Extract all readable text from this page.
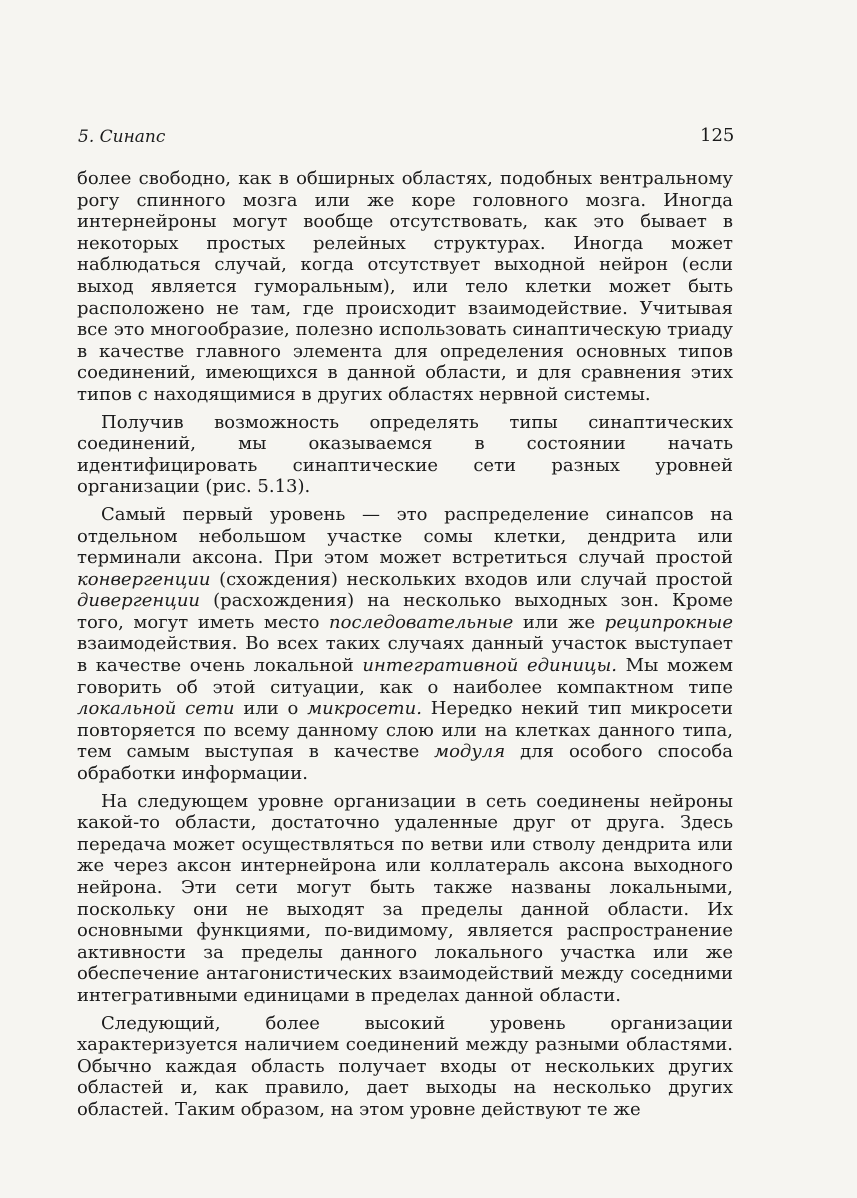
5. Синапс	125

более свободно, как в обширных областях, подобных вентральному рогу спинного мозга или же коре головного мозга. Иногда интернейроны могут вообще отсутствовать, как это бывает в некоторых простых релейных структурах. Иногда может наблюдаться случай, когда отсутствует выходной нейрон (если выход является гуморальным), или тело клетки может быть расположено не там, где происходит взаимодействие. Учитывая все это многообразие, полезно использовать синаптическую триаду в качестве главного элемента для определения основных типов соединений, имеющихся в данной области, и для сравнения этих типов с находящимися в других областях нервной системы.

Получив возможность определять типы синаптических соединений, мы оказываемся в состоянии начать идентифицировать синаптические сети разных уровней организации (рис. 5.13).

Самый первый уровень — это распределение синапсов на отдельном небольшом участке сомы клетки, дендрита или терминали аксона. При этом может встретиться случай простой конвергенции (схождения) нескольких входов или случай простой дивергенции (расхождения) на несколько выходных зон. Кроме того, могут иметь место последовательные или же реципрокные взаимодействия. Во всех таких случаях данный участок выступает в качестве очень локальной интегративной единицы. Мы можем говорить об этой ситуации, как о наиболее компактном типе локальной сети или о микросети. Нередко некий тип микросети повторяется по всему данному слою или на клетках данного типа, тем самым выступая в качестве модуля для особого способа обработки информации.

На следующем уровне организации в сеть соединены нейроны какой-то области, достаточно удаленные друг от друга. Здесь передача может осуществляться по ветви или стволу дендрита или же через аксон интернейрона или коллатераль аксона выходного нейрона. Эти сети могут быть также названы локальными, поскольку они не выходят за пределы данной области. Их основными функциями, по-видимому, является распространение активности за пределы данного локального участка или же обеспечение антагонистических взаимодействий между соседними интегративными единицами в пределах данной области.

Следующий, более высокий уровень организации характеризуется наличием соединений между разными областями. Обычно каждая область получает входы от нескольких других областей и, как правило, дает выходы на несколько других областей. Таким образом, на этом уровне действуют те же
